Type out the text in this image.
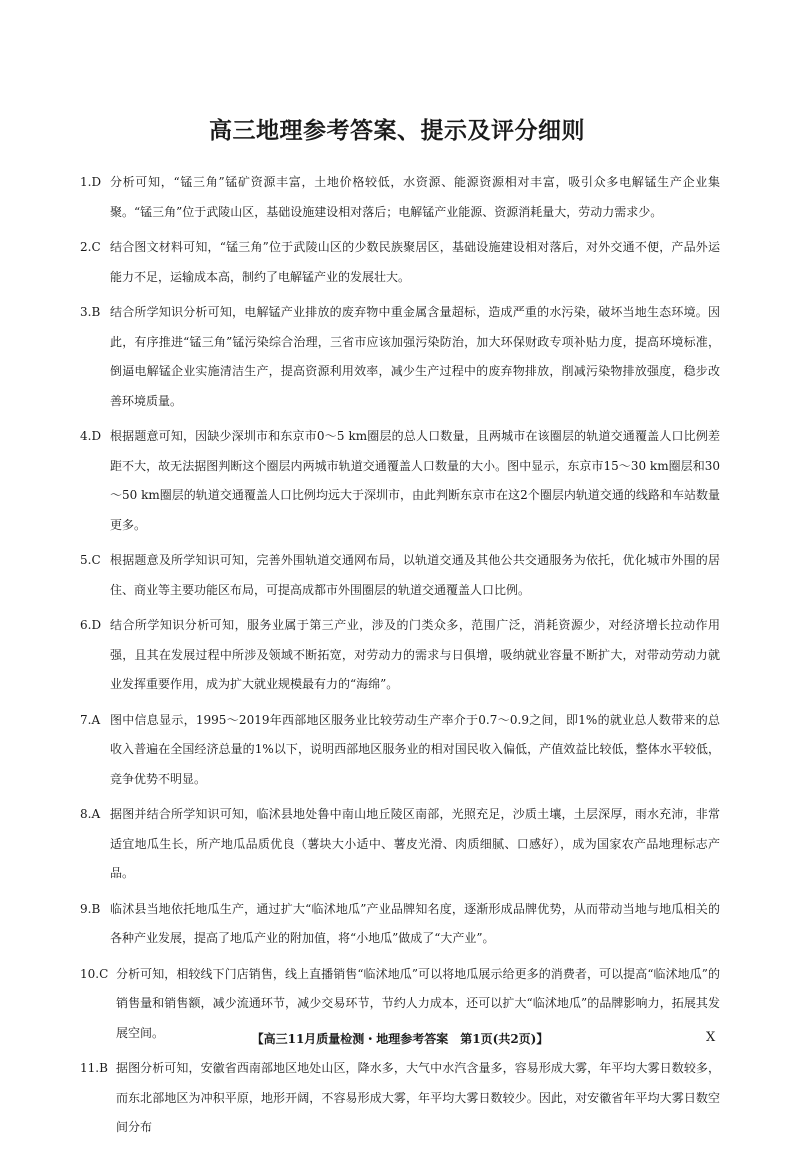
高三地理参考答案、提示及评分细则
1.D 分析可知，“锰三角”锰矿资源丰富，土地价格较低，水资源、能源资源相对丰富，吸引众多电解锰生产企业集聚。“锰三角”位于武陵山区，基础设施建设相对落后；电解锰产业能源、资源消耗量大，劳动力需求少。
2.C 结合图文材料可知，“锰三角”位于武陵山区的少数民族聚居区，基础设施建设相对落后，对外交通不便，产品外运能力不足，运输成本高，制约了电解锰产业的发展壮大。
3.B 结合所学知识分析可知，电解锰产业排放的废弃物中重金属含量超标，造成严重的水污染，破坏当地生态环境。因此，有序推进“锰三角”锰污染综合治理，三省市应该加强污染防治，加大环保财政专项补贴力度，提高环境标准，倒逼电解锰企业实施清洁生产，提高资源利用效率，减少生产过程中的废弃物排放，削减污染物排放强度，稳步改善环境质量。
4.D 根据题意可知，因缺少深圳市和东京市0～5 km圈层的总人口数量，且两城市在该圈层的轨道交通覆盖人口比例差距不大，故无法据图判断这个圈层内两城市轨道交通覆盖人口数量的大小。图中显示，东京市15～30 km圈层和30～50 km圈层的轨道交通覆盖人口比例均远大于深圳市，由此判断东京市在这2个圈层内轨道交通的线路和车站数量更多。
5.C 根据题意及所学知识可知，完善外围轨道交通网布局，以轨道交通及其他公共交通服务为依托，优化城市外围的居住、商业等主要功能区布局，可提高成都市外围圈层的轨道交通覆盖人口比例。
6.D 结合所学知识分析可知，服务业属于第三产业，涉及的门类众多，范围广泛，消耗资源少，对经济增长拉动作用强，且其在发展过程中所涉及领域不断拓宽，对劳动力的需求与日俱增，吸纳就业容量不断扩大，对带动劳动力就业发挥重要作用，成为扩大就业规模最有力的“海绵”。
7.A 图中信息显示，1995～2019年西部地区服务业比较劳动生产率介于0.7～0.9之间，即1%的就业总人数带来的总收入普遍在全国经济总量的1%以下，说明西部地区服务业的相对国民收入偏低，产值效益比较低，整体水平较低，竞争优势不明显。
8.A 据图并结合所学知识可知，临沭县地处鲁中南山地丘陵区南部，光照充足，沙质土壤，土层深厚，雨水充沛，非常适宜地瓜生长，所产地瓜品质优良（薯块大小适中、薯皮光滑、肉质细腻、口感好），成为国家农产品地理标志产品。
9.B 临沭县当地依托地瓜生产，通过扩大“临沭地瓜”产业品牌知名度，逐渐形成品牌优势，从而带动当地与地瓜相关的各种产业发展，提高了地瓜产业的附加值，将“小地瓜”做成了“大产业”。
10.C 分析可知，相较线下门店销售，线上直播销售“临沭地瓜”可以将地瓜展示给更多的消费者，可以提高“临沭地瓜”的销售量和销售额，减少流通环节，减少交易环节，节约人力成本，还可以扩大“临沭地瓜”的品牌影响力，拓展其发展空间。
11.B 据图分析可知，安徽省西南部地区地处山区，降水多，大气中水汽含量多，容易形成大雾，年平均大雾日数较多，而东北部地区为冲积平原，地形开阔，不容易形成大雾，年平均大雾日数较少。因此，对安徽省年平均大雾日数空间分布
【高三11月质量检测・地理参考答案　第1页(共2页)】	X
